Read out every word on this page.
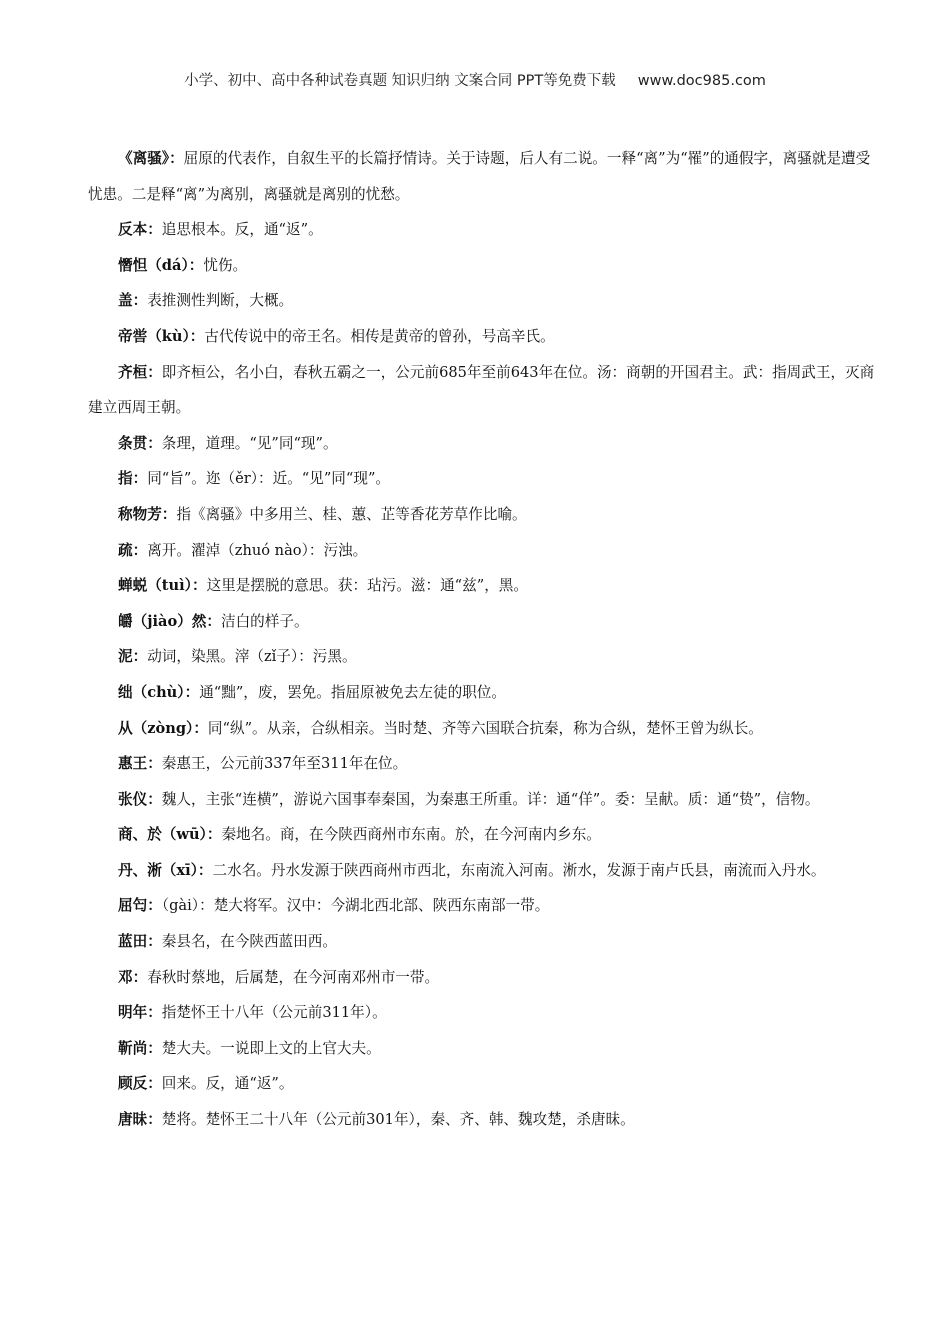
小学、初中、高中各种试卷真题 知识归纳 文案合同 PPT等免费下载 www.doc985.com
《离骚》：屈原的代表作，自叙生平的长篇抒情诗。关于诗题，后人有二说。一释“离”为“罹”的通假字，离骚就是遭受忧患。二是释“离”为离别，离骚就是离别的忧愁。
反本：追思根本。反，通“返”。
憯怛（dá）：忧伤。
盖：表推测性判断，大概。
帝喾（kù）：古代传说中的帝王名。相传是黄帝的曾孙，号高辛氏。
齐桓：即齐桓公，名小白，春秋五霸之一，公元前685年至前643年在位。汤：商朝的开国君主。武：指周武王，灭商建立西周王朝。
条贯：条理，道理。“见”同“现”。
指：同“旨”。迩（ěr）：近。“见”同“现”。
称物芳：指《离骚》中多用兰、桂、蕙、芷等香花芳草作比喻。
疏：离开。濯淖（zhuó nào）：污浊。
蝉蜕（tuì）：这里是摆脱的意思。获：玷污。滋：通“兹”，黑。
皭（jiào）然：洁白的样子。
泥：动词，染黑。滓（zǐ子）：污黑。
绌（chù）：通“黜”，废，罢免。指屈原被免去左徒的职位。
从（zòng）：同“纵”。从亲，合纵相亲。当时楚、齐等六国联合抗秦，称为合纵，楚怀王曾为纵长。
惠王：秦惠王，公元前337年至311年在位。
张仪：魏人，主张“连横”，游说六国事奉秦国，为秦惠王所重。详：通“佯”。委：呈献。质：通“贽”，信物。
商、於（wū）：秦地名。商，在今陕西商州市东南。於，在今河南内乡东。
丹、淅（xī）：二水名。丹水发源于陕西商州市西北，东南流入河南。淅水，发源于南卢氏县，南流而入丹水。
屈匄：（gài）：楚大将军。汉中：今湖北西北部、陕西东南部一带。
蓝田：秦县名，在今陕西蓝田西。
邓：春秋时蔡地，后属楚，在今河南邓州市一带。
明年：指楚怀王十八年（公元前311年）。
靳尚：楚大夫。一说即上文的上官大夫。
顾反：回来。反，通“返”。
唐昧：楚将。楚怀王二十八年（公元前301年），秦、齐、韩、魏攻楚，杀唐昧。
